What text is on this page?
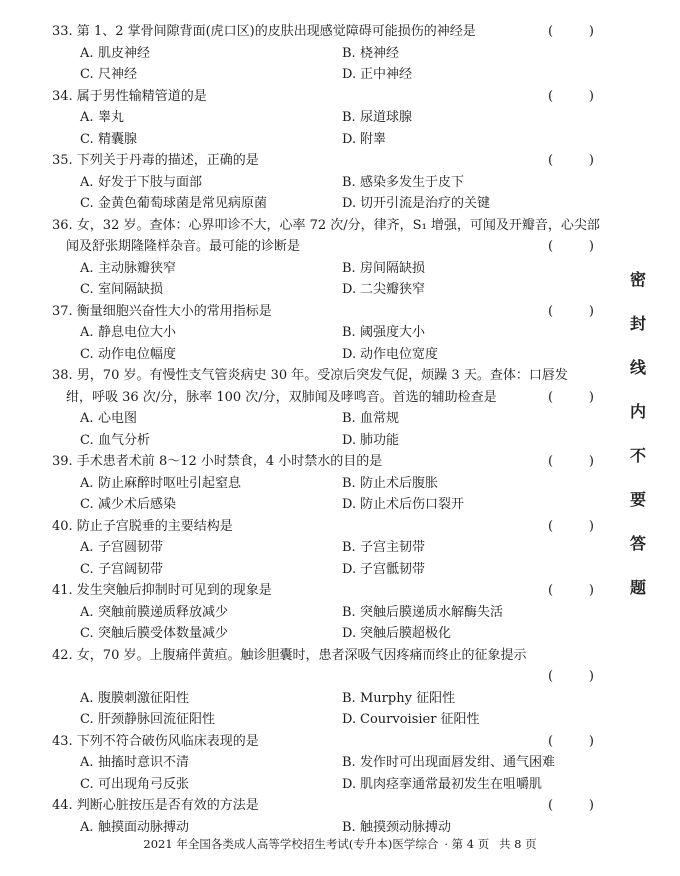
33. 第 1、2 掌骨间隙背面(虎口区)的皮肤出现感觉障碍可能损伤的神经是	(	)
A. 肌皮神经	B. 桡神经
C. 尺神经	D. 正中神经
34. 属于男性输精管道的是	(	)
A. 睾丸	B. 尿道球腺
C. 精囊腺	D. 附睾
35. 下列关于丹毒的描述，正确的是	(	)
A. 好发于下肢与面部	B. 感染多发生于皮下
C. 金黄色葡萄球菌是常见病原菌	D. 切开引流是治疗的关键
36. 女，32 岁。查体：心界叩诊不大，心率 72 次/分，律齐，S₁ 增强，可闻及开瓣音，心尖部
闻及舒张期隆隆样杂音。最可能的诊断是	(	)
A. 主动脉瓣狭窄	B. 房间隔缺损
C. 室间隔缺损	D. 二尖瓣狭窄
37. 衡量细胞兴奋性大小的常用指标是	(	)
A. 静息电位大小	B. 阈强度大小
C. 动作电位幅度	D. 动作电位宽度
38. 男，70 岁。有慢性支气管炎病史 30 年。受凉后突发气促，烦躁 3 天。查体：口唇发
绀，呼吸 36 次/分，脉率 100 次/分，双肺闻及哮鸣音。首选的辅助检查是	(	)
A. 心电图	B. 血常规
C. 血气分析	D. 肺功能
39. 手术患者术前 8～12 小时禁食，4 小时禁水的目的是	(	)
A. 防止麻醉时呕吐引起窒息	B. 防止术后腹胀
C. 减少术后感染	D. 防止术后伤口裂开
40. 防止子宫脱垂的主要结构是	(	)
A. 子宫圆韧带	B. 子宫主韧带
C. 子宫阔韧带	D. 子宫骶韧带
41. 发生突触后抑制时可见到的现象是	(	)
A. 突触前膜递质释放减少	B. 突触后膜递质水解酶失活
C. 突触后膜受体数量减少	D. 突触后膜超极化
42. 女，70 岁。上腹痛伴黄疸。触诊胆囊时，患者深吸气因疼痛而终止的征象提示
(	)
A. 腹膜刺激征阳性	B. Murphy 征阳性
C. 肝颈静脉回流征阳性	D. Courvoisier 征阳性
43. 下列不符合破伤风临床表现的是	(	)
A. 抽搐时意识不清	B. 发作时可出现面唇发绀、通气困难
C. 可出现角弓反张	D. 肌肉痉挛通常最初发生在咀嚼肌
44. 判断心脏按压是否有效的方法是	(	)
A. 触摸面动脉搏动	B. 触摸颈动脉搏动
密
封
线
内
不
要
答
题
2021 年全国各类成人高等学校招生考试(专升本)医学综合 · 第 4 页 共 8 页
